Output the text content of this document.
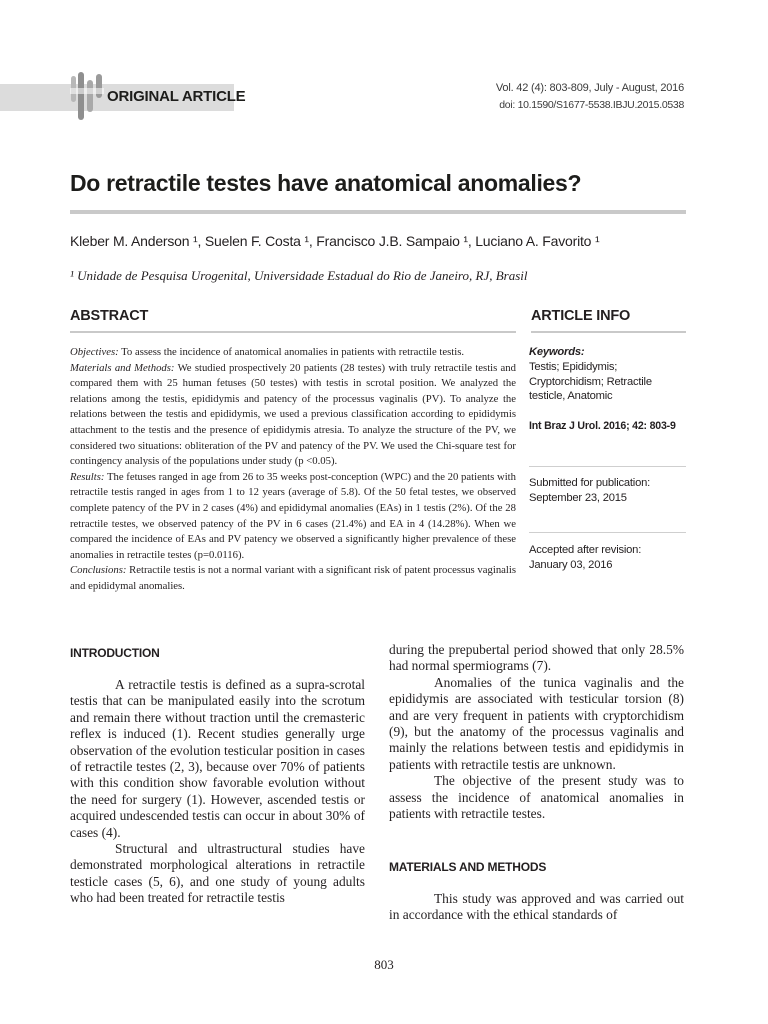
ORIGINAL ARTICLE	Vol. 42 (4): 803-809, July - August, 2016
doi: 10.1590/S1677-5538.IBJU.2015.0538
Do retractile testes have anatomical anomalies?
Kleber M. Anderson ¹, Suelen F. Costa ¹, Francisco J.B. Sampaio ¹, Luciano A. Favorito ¹
¹ Unidade de Pesquisa Urogenital, Universidade Estadual do Rio de Janeiro, RJ, Brasil
ABSTRACT	ARTICLE INFO

Objectives: To assess the incidence of anatomical anomalies in patients with retractile testis.
Materials and Methods: We studied prospectively 20 patients (28 testes) with truly retractile testis and compared them with 25 human fetuses (50 testes) with testis in scrotal position. We analyzed the relations among the testis, epididymis and patency of the processus vaginalis (PV). To analyze the relations between the testis and epididymis, we used a previous classification according to epididymis attachment to the testis and the presence of epididymis atresia. To analyze the structure of the PV, we considered two situations: obliteration of the PV and patency of the PV. We used the Chi-square test for contingency analysis of the populations under study (p <0.05).
Results: The fetuses ranged in age from 26 to 35 weeks post-conception (WPC) and the 20 patients with retractile testis ranged in ages from 1 to 12 years (average of 5.8). Of the 50 fetal testes, we observed complete patency of the PV in 2 cases (4%) and epididymal anomalies (EAs) in 1 testis (2%). Of the 28 retractile testes, we observed patency of the PV in 6 cases (21.4%) and EA in 4 (14.28%). When we compared the incidence of EAs and PV patency we observed a significantly higher prevalence of these anomalies in retractile testes (p=0.0116).
Conclusions: Retractile testis is not a normal variant with a significant risk of patent processus vaginalis and epididymal anomalies.

Keywords:
Testis; Epididymis; Cryptorchidism; Retractile testicle, Anatomic
Int Braz J Urol. 2016; 42: 803-9
Submitted for publication:
September 23, 2015
Accepted after revision:
January 03, 2016
INTRODUCTION

A retractile testis is defined as a supra-scrotal testis that can be manipulated easily into the scrotum and remain there without traction until the cremasteric reflex is induced (1). Recent studies generally urge observation of the evolution testicular position in cases of retractile testes (2, 3), because over 70% of patients with this condition show favorable evolution without the need for surgery (1). However, ascended testis or acquired undescended testis can occur in about 30% of cases (4).

Structural and ultrastructural studies have demonstrated morphological alterations in retractile testicle cases (5, 6), and one study of young adults who had been treated for retractile testis

during the prepubertal period showed that only 28.5% had normal spermiograms (7).

Anomalies of the tunica vaginalis and the epididymis are associated with testicular torsion (8) and are very frequent in patients with cryptorchidism (9), but the anatomy of the processus vaginalis and mainly the relations between testis and epididymis in patients with retractile testis are unknown.

The objective of the present study was to assess the incidence of anatomical anomalies in patients with retractile testes.

MATERIALS AND METHODS

This study was approved and was carried out in accordance with the ethical standards of

803
